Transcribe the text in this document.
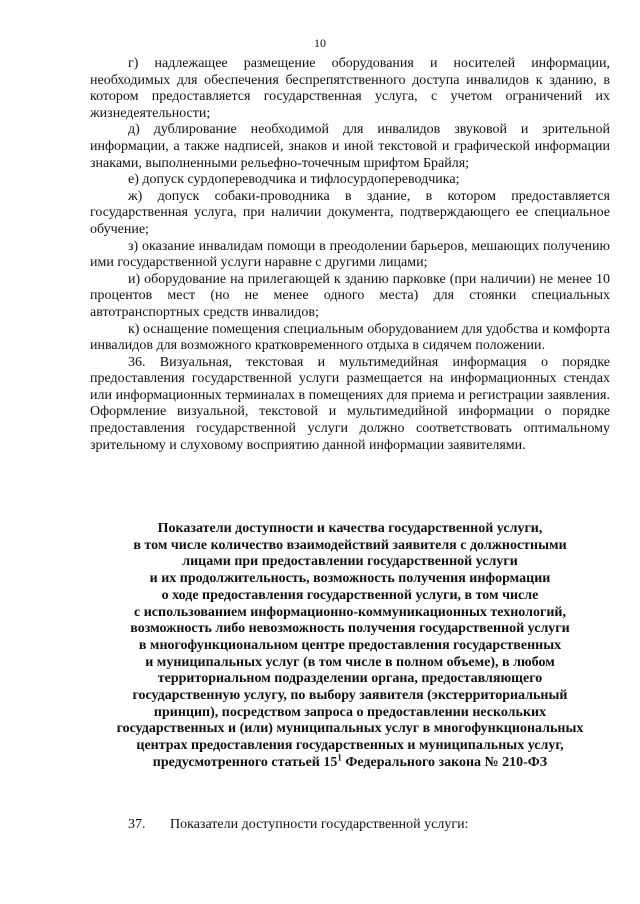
10

г) надлежащее размещение оборудования и носителей информации, необходимых для обеспечения беспрепятственного доступа инвалидов к зданию, в котором предоставляется государственная услуга, с учетом ограничений их жизнедеятельности;

д) дублирование необходимой для инвалидов звуковой и зрительной информации, а также надписей, знаков и иной текстовой и графической информации знаками, выполненными рельефно-точечным шрифтом Брайля;

е) допуск сурдопереводчика и тифлосурдопереводчика;

ж) допуск собаки-проводника в здание, в котором предоставляется государственная услуга, при наличии документа, подтверждающего ее специальное обучение;

з) оказание инвалидам помощи в преодолении барьеров, мешающих получению ими государственной услуги наравне с другими лицами;

и) оборудование на прилегающей к зданию парковке (при наличии) не менее 10 процентов мест (но не менее одного места) для стоянки специальных автотранспортных средств инвалидов;

к) оснащение помещения специальным оборудованием для удобства и комфорта инвалидов для возможного кратковременного отдыха в сидячем положении.

36. Визуальная, текстовая и мультимедийная информация о порядке предоставления государственной услуги размещается на информационных стендах или информационных терминалах в помещениях для приема и регистрации заявления. Оформление визуальной, текстовой и мультимедийной информации о порядке предоставления государственной услуги должно соответствовать оптимальному зрительному и слуховому восприятию данной информации заявителями.

Показатели доступности и качества государственной услуги,
в том числе количество взаимодействий заявителя с должностными
лицами при предоставлении государственной услуги
и их продолжительность, возможность получения информации
о ходе предоставления государственной услуги, в том числе
с использованием информационно-коммуникационных технологий,
возможность либо невозможность получения государственной услуги
в многофункциональном центре предоставления государственных
и муниципальных услуг (в том числе в полном объеме), в любом
территориальном подразделении органа, предоставляющего
государственную услугу, по выбору заявителя (экстерриториальный
принцип), посредством запроса о предоставлении нескольких
государственных и (или) муниципальных услуг в многофункциональных
центрах предоставления государственных и муниципальных услуг,
предусмотренного статьей $15^1$ Федерального закона № 210-ФЗ
37. Показатели доступности государственной услуги:
